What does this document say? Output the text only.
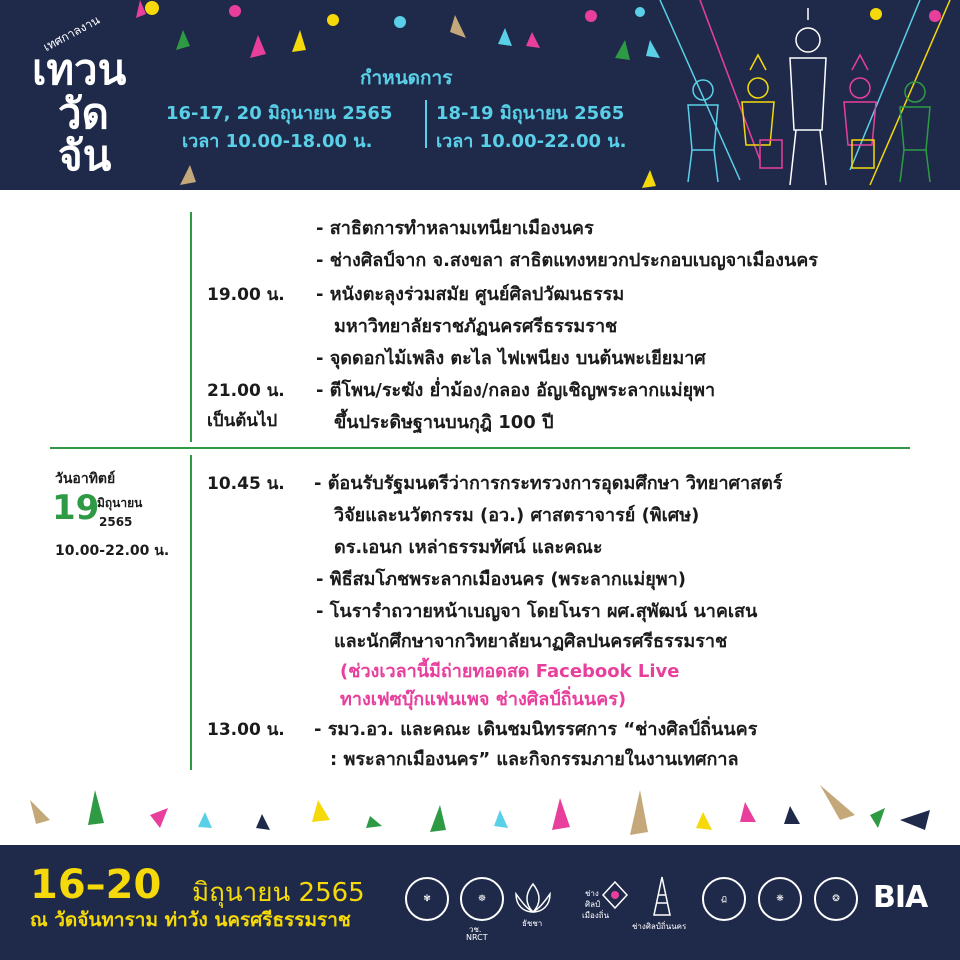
เทศกาลงาน
เทวน
วัด
จัน
กำหนดการ
16-17, 20 มิถุนายน 2565
เวลา 10.00-18.00 น.
18-19 มิถุนายน 2565
เวลา 10.00-22.00 น.
- สาธิตการทำหลามเทนียาเมืองนคร
- ช่างศิลป์จาก จ.สงขลา สาธิตแทงหยวกประกอบเบญจาเมืองนคร
19.00 น. - หนังตะลุงร่วมสมัย ศูนย์ศิลปวัฒนธรรม
มหาวิทยาลัยราชภัฏนครศรีธรรมราช
- จุดดอกไม้เพลิง ตะไล ไฟเพนียง บนต้นพะเยียมาศ
21.00 น. - ตีโพน/ระฆัง ย่ำม้อง/กลอง อัญเชิญพระลากแม่ยุพา
เป็นต้นไป	ขึ้นประดิษฐานบนกุฎิ 100 ปี
วันอาทิตย์
19
มิถุนายน
2565
10.00-22.00 น.
10.45 น. - ต้อนรับรัฐมนตรีว่าการกระทรวงการอุดมศึกษา วิทยาศาสตร์
วิจัยและนวัตกรรม (อว.) ศาสตราจารย์ (พิเศษ)
ดร.เอนก เหล่าธรรมทัศน์ และคณะ
- พิธีสมโภชพระลากเมืองนคร (พระลากแม่ยุพา)
- โนรารำถวายหน้าเบญจา โดยโนรา ผศ.สุพัฒน์ นาคเสน
และนักศึกษาจากวิทยาลัยนาฏศิลปนครศรีธรรมราช
(ช่วงเวลานี้มีถ่ายทอดสด Facebook Live
ทางเฟซบุ๊กแฟนเพจ ช่างศิลป์ถิ่นนคร)
13.00 น. - รมว.อว. และคณะ เดินชมนิทรรศการ “ช่างศิลป์ถิ่นนคร
: พระลากเมืองนคร” และกิจกรรมภายในงานเทศกาล
16–20 มิถุนายน 2565
ณ วัดจันทาราม ท่าวัง นครศรีธรรมราช
✾	☸
วช.
NRCT
ธัชชา
ช่าง
ศิลป์
เมืองถิ่น
ช่างศิลป์ถิ่นนคร
ฏ	❋	❂	BIA
